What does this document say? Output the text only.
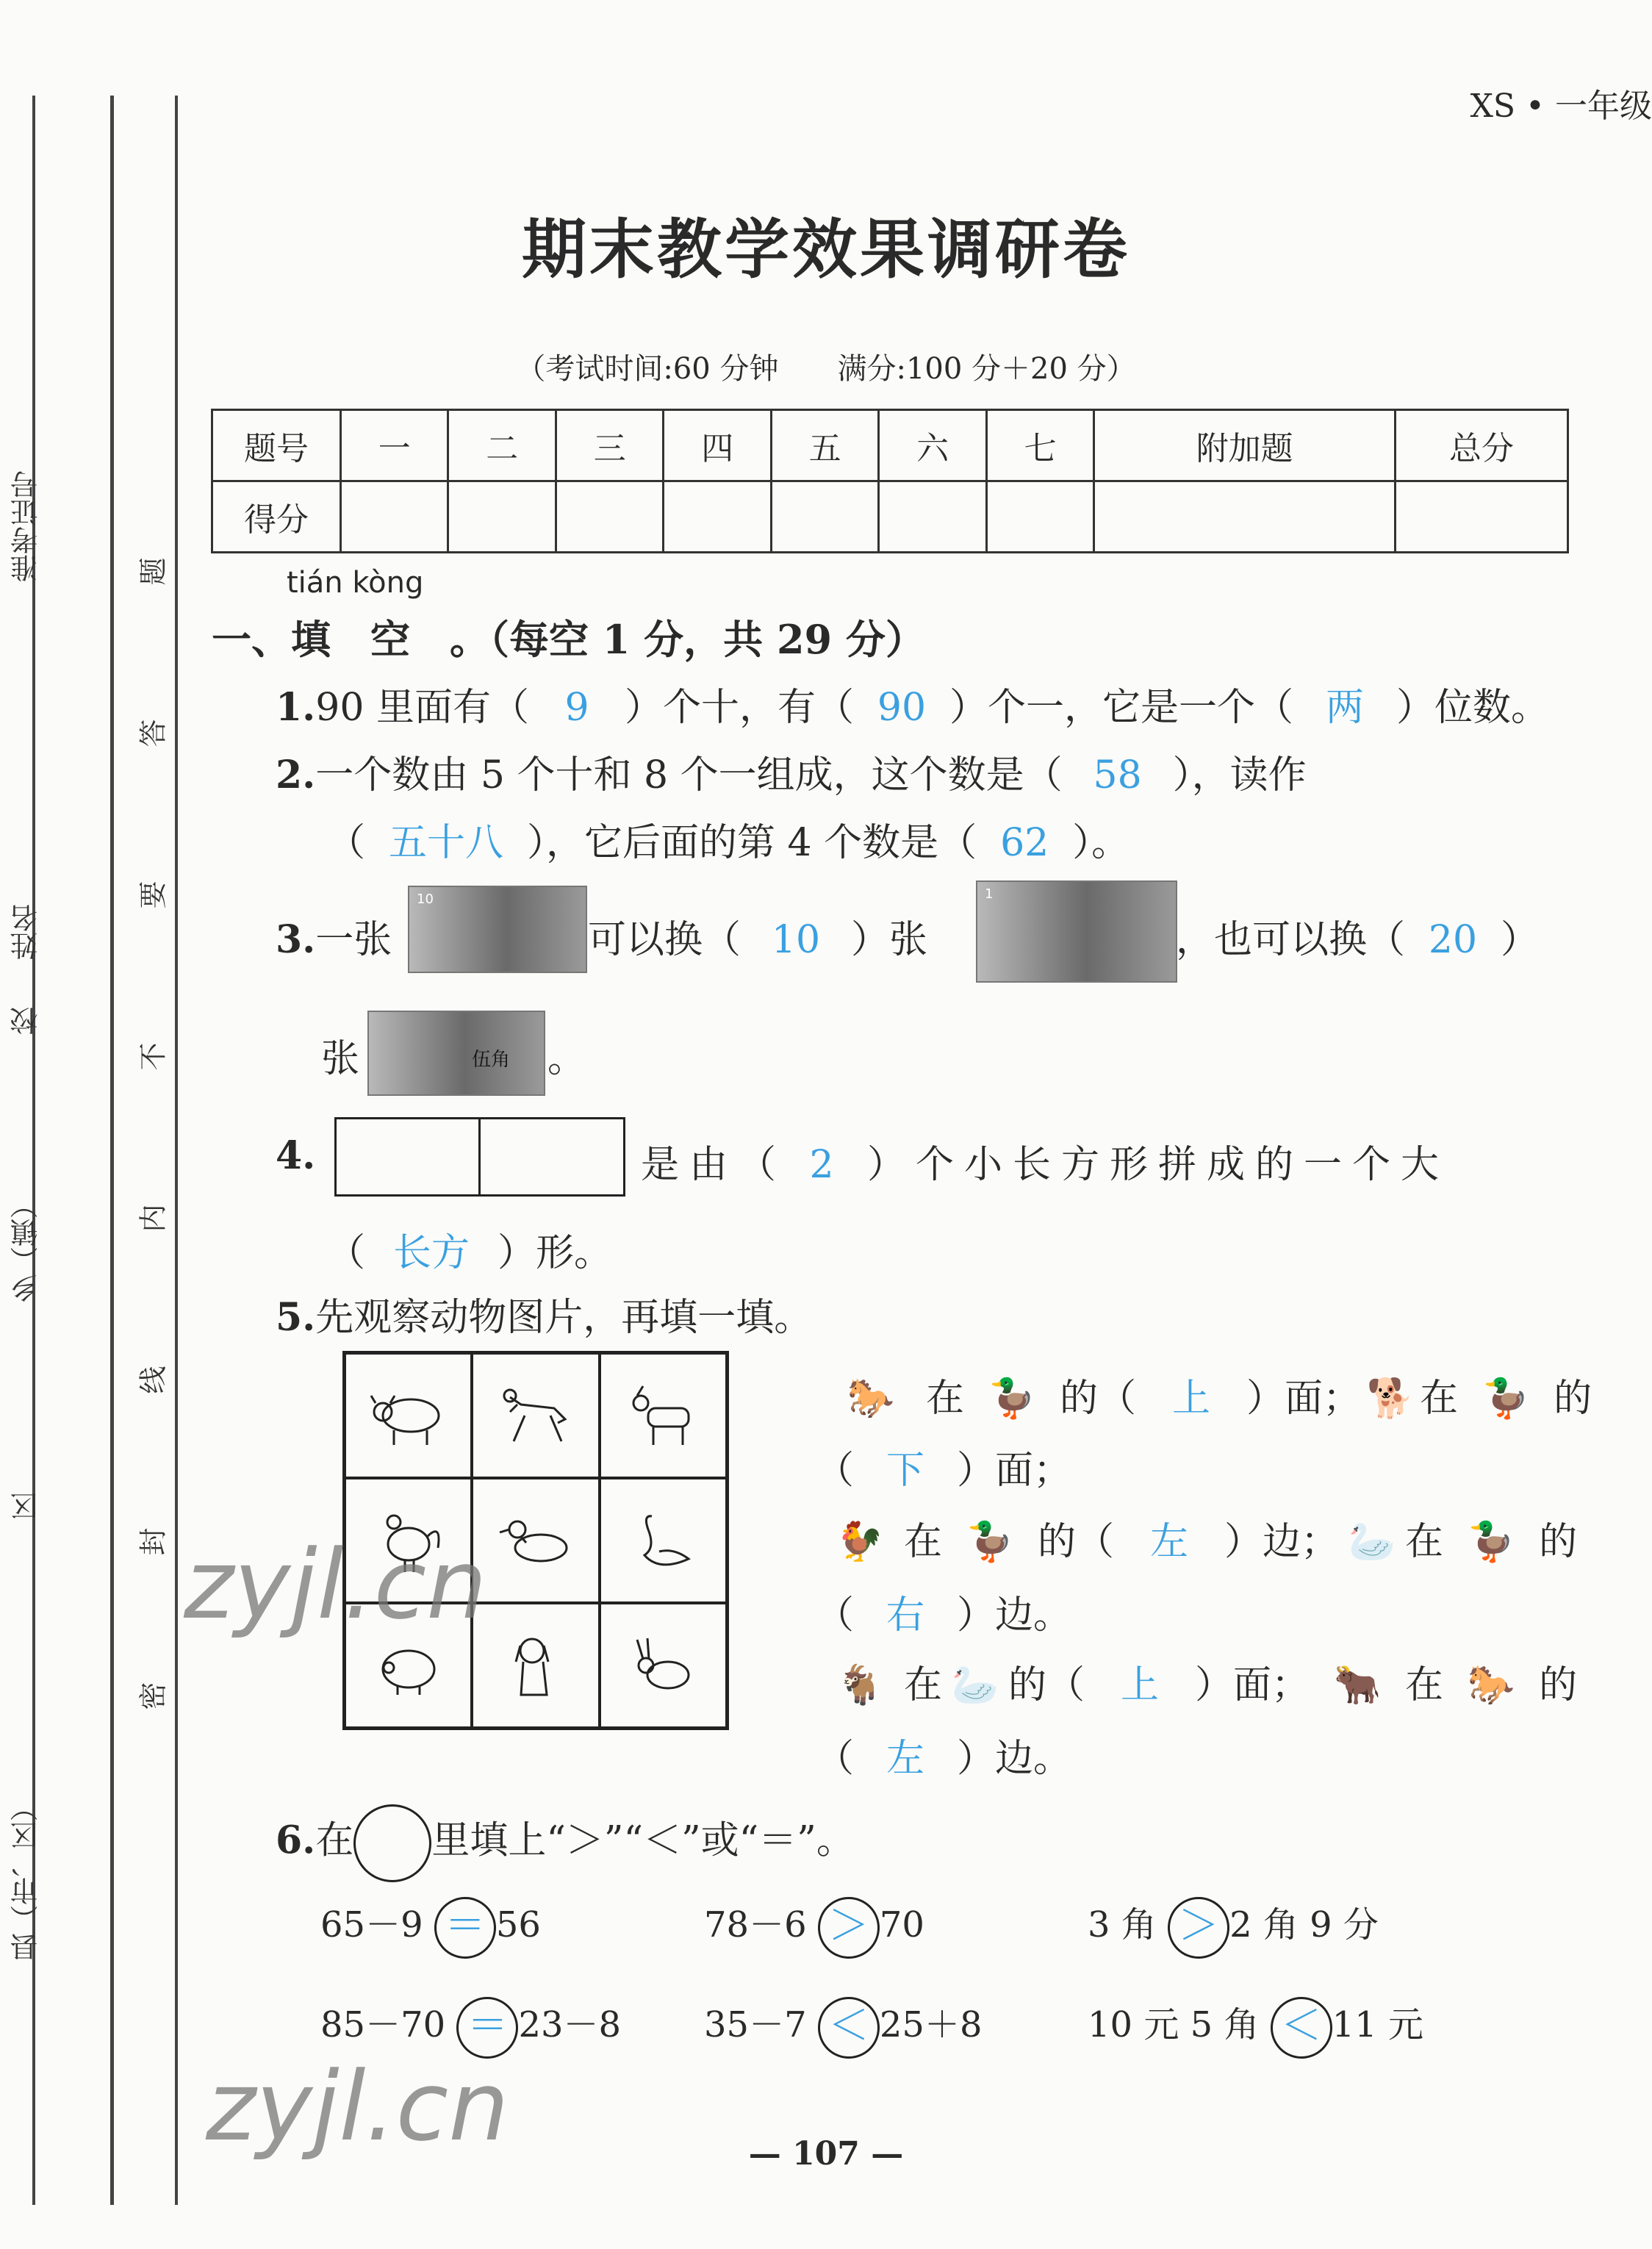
县（市、区）
区
乡（镇）
校
姓名
准考证号
密
封
线
内
不
要
答
题
XS • 一年级
期末教学效果调研卷
（考试时间:60 分钟　　满分:100 分＋20 分）
题号	一	二	三	四	五	六	七	附加题	总分
得分									
tián kòng
一、填　空　。（每空 1 分，共 29 分）
1.90 里面有（ 9 ）个十，有（ 90 ）个一，它是一个（ 两 ）位数。
2.一个数由 5 个十和 8 个一组成，这个数是（ 58 ），读作
（ 五十八 ），它后面的第 4 个数是（ 62 ）。
3.一张
10
可以换（ 10 ）张
1
，也可以换（ 20 ）
张	伍角 。
4.	是由（ 2 ）个小长方形拼成的一个大
（ 长方 ）形。
5.先观察动物图片，再填一填。
🐎 在 🦆 的（ 上 ）面； 🐕 在 🦆 的
（ 下 ）面；
🐓 在 🦆 的（ 左 ）边； 🦢 在 🦆 的
（ 右 ）边。
🐐 在 🦢 的（ 上 ）面； 🐂 在 🐎 的
（ 左 ）边。
6.在 里填上“＞”“＜”或“＝”。
65－9 ＝ 56	78－6 ＞ 70	3 角 ＞ 2 角 9 分
85－70 ＝ 23－8 35－7 ＜ 25＋8	10 元 5 角 ＜ 11 元
zyjl.cn
zyjl.cn	— 107 —
